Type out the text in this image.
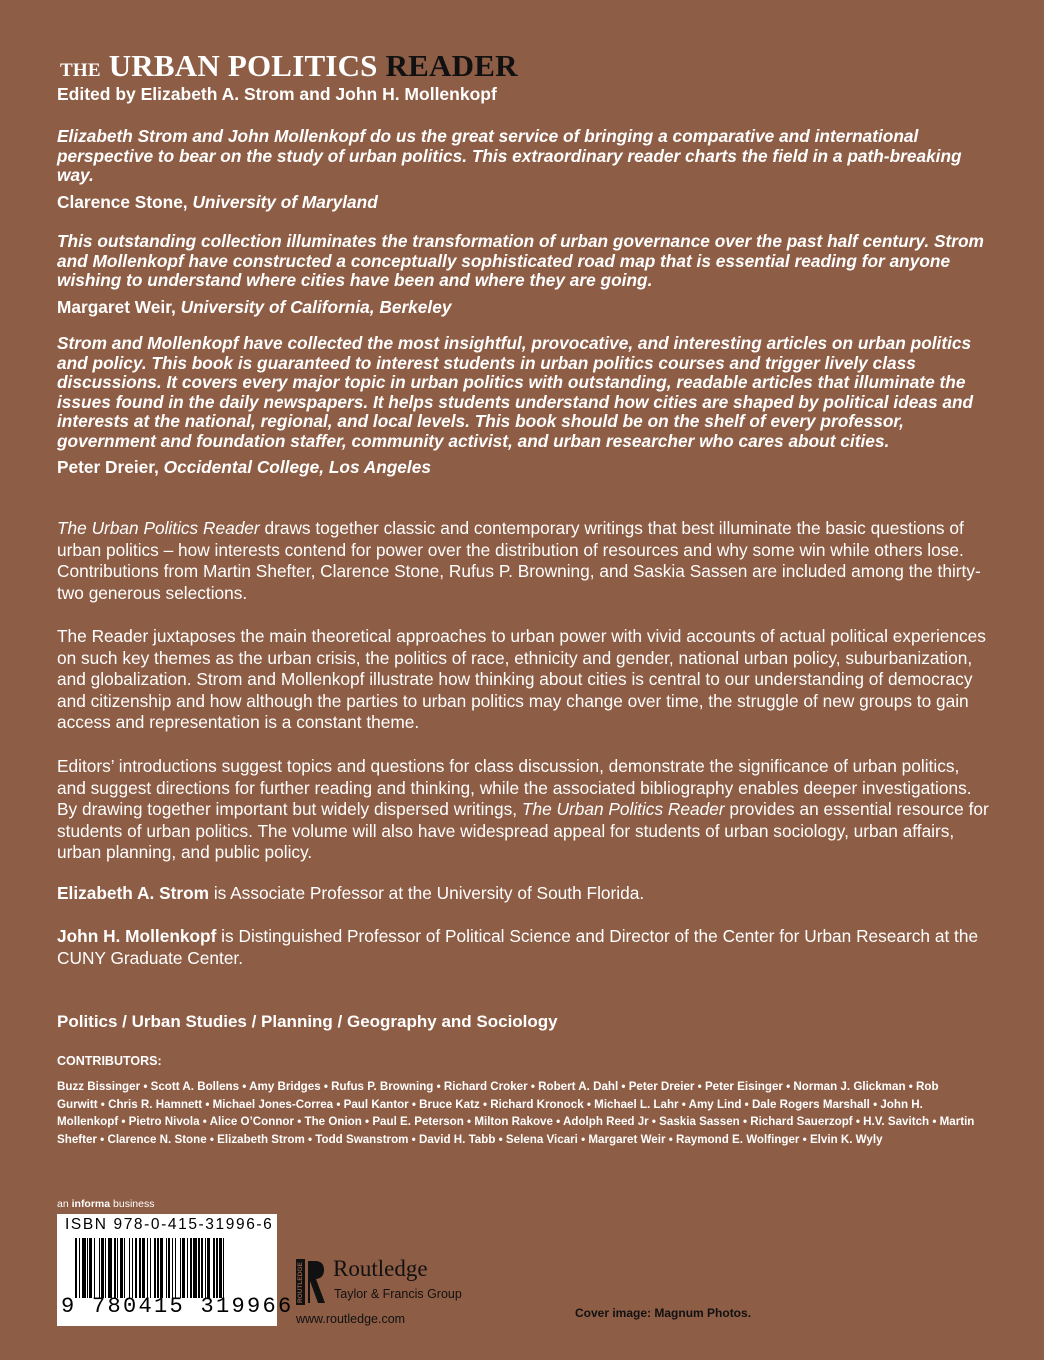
THE URBAN POLITICS READER
Edited by Elizabeth A. Strom and John H. Mollenkopf

Elizabeth Strom and John Mollenkopf do us the great service of bringing a comparative and international perspective to bear on the study of urban politics. This extraordinary reader charts the field in a path-breaking way.

Clarence Stone, University of Maryland

This outstanding collection illuminates the transformation of urban governance over the past half century. Strom and Mollenkopf have constructed a conceptually sophisticated road map that is essential reading for anyone wishing to understand where cities have been and where they are going.

Margaret Weir, University of California, Berkeley

Strom and Mollenkopf have collected the most insightful, provocative, and interesting articles on urban politics and policy. This book is guaranteed to interest students in urban politics courses and trigger lively class discussions. It covers every major topic in urban politics with outstanding, readable articles that illuminate the issues found in the daily newspapers. It helps students understand how cities are shaped by political ideas and interests at the national, regional, and local levels. This book should be on the shelf of every professor, government and foundation staffer, community activist, and urban researcher who cares about cities.

Peter Dreier, Occidental College, Los Angeles

The Urban Politics Reader draws together classic and contemporary writings that best illuminate the basic questions of urban politics – how interests contend for power over the distribution of resources and why some win while others lose. Contributions from Martin Shefter, Clarence Stone, Rufus P. Browning, and Saskia Sassen are included among the thirty-two generous selections.

The Reader juxtaposes the main theoretical approaches to urban power with vivid accounts of actual political experiences on such key themes as the urban crisis, the politics of race, ethnicity and gender, national urban policy, suburbanization, and globalization. Strom and Mollenkopf illustrate how thinking about cities is central to our understanding of democracy and citizenship and how although the parties to urban politics may change over time, the struggle of new groups to gain access and representation is a constant theme.

Editors’ introductions suggest topics and questions for class discussion, demonstrate the significance of urban politics, and suggest directions for further reading and thinking, while the associated bibliography enables deeper investigations. By drawing together important but widely dispersed writings, The Urban Politics Reader provides an essential resource for students of urban politics. The volume will also have widespread appeal for students of urban sociology, urban affairs, urban planning, and public policy.

Elizabeth A. Strom is Associate Professor at the University of South Florida.

John H. Mollenkopf is Distinguished Professor of Political Science and Director of the Center for Urban Research at the CUNY Graduate Center.

Politics / Urban Studies / Planning / Geography and Sociology
CONTRIBUTORS:
Buzz Bissinger • Scott A. Bollens • Amy Bridges • Rufus P. Browning • Richard Croker • Robert A. Dahl • Peter Dreier • Peter Eisinger • Norman J. Glickman • Rob Gurwitt • Chris R. Hamnett • Michael Jones-Correa • Paul Kantor • Bruce Katz • Richard Kronock • Michael L. Lahr • Amy Lind • Dale Rogers Marshall • John H. Mollenkopf • Pietro Nivola • Alice O’Connor • The Onion • Paul E. Peterson • Milton Rakove • Adolph Reed Jr • Saskia Sassen • Richard Sauerzopf • H.V. Savitch • Martin Shefter • Clarence N. Stone • Elizabeth Strom • Todd Swanstrom • David H. Tabb • Selena Vicari • Margaret Weir • Raymond E. Wolfinger • Elvin K. Wyly
an informa business
ISBN 978-0-415-31996-6
9 780415 319966
ROUTLEDGE Routledge
Taylor & Francis Group
www.routledge.com	Cover image: Magnum Photos.
